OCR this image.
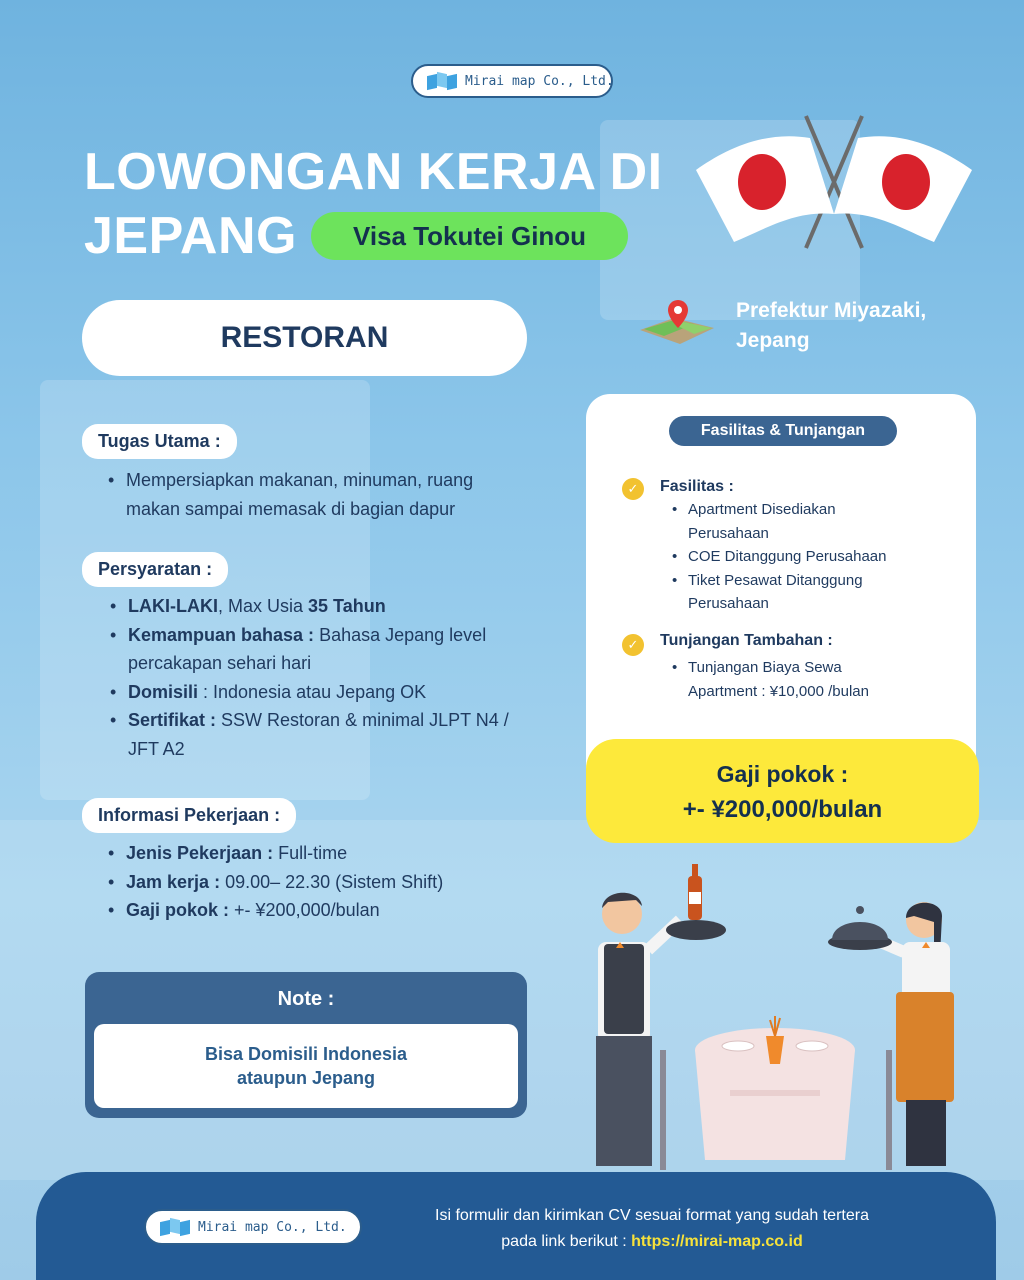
Mirai map Co., Ltd.
LOWONGAN KERJA DI
JEPANG	Visa Tokutei Ginou
RESTORAN
Prefektur Miyazaki,
Jepang
Tugas Utama :
• Mempersiapkan makanan, minuman, ruang makan sampai memasak di bagian dapur
Persyaratan :
• LAKI-LAKI, Max Usia 35 Tahun
• Kemampuan bahasa : Bahasa Jepang level percakapan sehari hari
• Domisili : Indonesia atau Jepang OK
• Sertifikat : SSW Restoran & minimal JLPT N4 / JFT A2
Informasi Pekerjaan :
• Jenis Pekerjaan : Full-time
• Jam kerja : 09.00– 22.30 (Sistem Shift)
• Gaji pokok : +- ¥200,000/bulan
Note :
Bisa Domisili Indonesia
ataupun Jepang
Fasilitas & Tunjangan
✓	Fasilitas :
• Apartment Disediakan Perusahaan
• COE Ditanggung Perusahaan
• Tiket Pesawat Ditanggung Perusahaan
✓	Tunjangan Tambahan :
• Tunjangan Biaya Sewa Apartment : ¥10,000 /bulan
Gaji pokok :
+- ¥200,000/bulan
Mirai map Co., Ltd.
Isi formulir dan kirimkan CV sesuai format yang sudah tertera
pada link berikut : https://mirai-map.co.id
